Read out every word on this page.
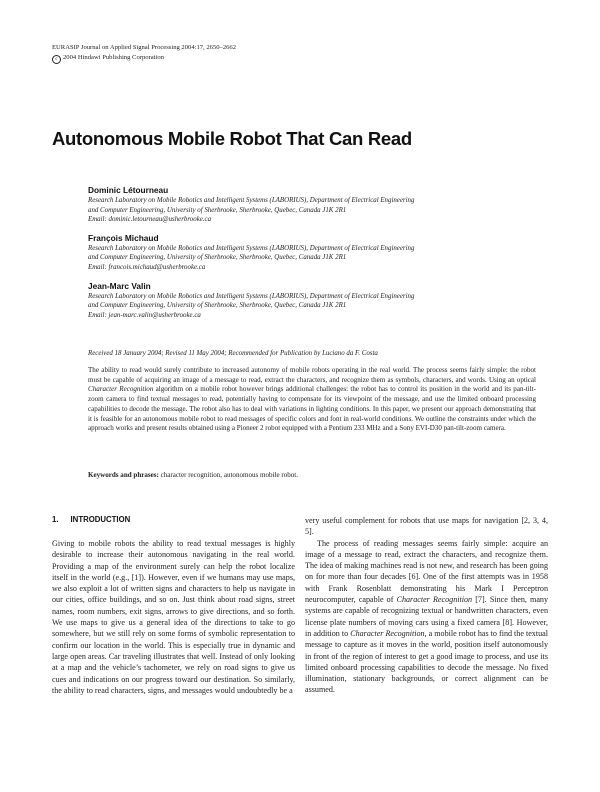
EURASIP Journal on Applied Signal Processing 2004:17, 2650–2662
c 2004 Hindawi Publishing Corporation
Autonomous Mobile Robot That Can Read
Dominic Létourneau
Research Laboratory on Mobile Robotics and Intelligent Systems (LABORIUS), Department of Electrical Engineering
and Computer Engineering, University of Sherbrooke, Sherbrooke, Quebec, Canada J1K 2R1
Email: dominic.letourneau@usherbrooke.ca
François Michaud
Research Laboratory on Mobile Robotics and Intelligent Systems (LABORIUS), Department of Electrical Engineering
and Computer Engineering, University of Sherbrooke, Sherbrooke, Quebec, Canada J1K 2R1
Email: francois.michaud@usherbrooke.ca
Jean-Marc Valin
Research Laboratory on Mobile Robotics and Intelligent Systems (LABORIUS), Department of Electrical Engineering
and Computer Engineering, University of Sherbrooke, Sherbrooke, Quebec, Canada J1K 2R1
Email: jean-marc.valin@usherbrooke.ca
Received 18 January 2004; Revised 11 May 2004; Recommended for Publication by Luciano da F. Costa

The ability to read would surely contribute to increased autonomy of mobile robots operating in the real world. The process seems fairly simple: the robot must be capable of acquiring an image of a message to read, extract the characters, and recognize them as symbols, characters, and words. Using an optical Character Recognition algorithm on a mobile robot however brings additional challenges: the robot has to control its position in the world and its pan-tilt-zoom camera to find textual messages to read, potentially having to compensate for its viewpoint of the message, and use the limited onboard processing capabilities to decode the message. The robot also has to deal with variations in lighting conditions. In this paper, we present our approach demonstrating that it is feasible for an autonomous mobile robot to read messages of specific colors and font in real-world conditions. We outline the constraints under which the approach works and present results obtained using a Pioneer 2 robot equipped with a Pentium 233 MHz and a Sony EVI-D30 pan-tilt-zoom camera.

Keywords and phrases: character recognition, autonomous mobile robot.
1. INTRODUCTION

Giving to mobile robots the ability to read textual messages is highly desirable to increase their autonomous navigating in the real world. Providing a map of the environment surely can help the robot localize itself in the world (e.g., [1]). However, even if we humans may use maps, we also exploit a lot of written signs and characters to help us navigate in our cities, office buildings, and so on. Just think about road signs, street names, room numbers, exit signs, arrows to give directions, and so forth. We use maps to give us a general idea of the directions to take to go somewhere, but we still rely on some forms of symbolic representation to confirm our location in the world. This is especially true in dynamic and large open areas. Car traveling illustrates that well. Instead of only looking at a map and the vehicle’s tachometer, we rely on road signs to give us cues and indications on our progress toward our destination. So similarly, the ability to read characters, signs, and messages would undoubtedly be a

very useful complement for robots that use maps for navigation [2, 3, 4, 5].

The process of reading messages seems fairly simple: acquire an image of a message to read, extract the characters, and recognize them. The idea of making machines read is not new, and research has been going on for more than four decades [6]. One of the first attempts was in 1958 with Frank Rosenblatt demonstrating his Mark I Perceptron neurocomputer, capable of Character Recognition [7]. Since then, many systems are capable of recognizing textual or handwritten characters, even license plate numbers of moving cars using a fixed camera [8]. However, in addition to Character Recognition, a mobile robot has to find the textual message to capture as it moves in the world, position itself autonomously in front of the region of interest to get a good image to process, and use its limited onboard processing capabilities to decode the message. No fixed illumination, stationary backgrounds, or correct alignment can be assumed.
